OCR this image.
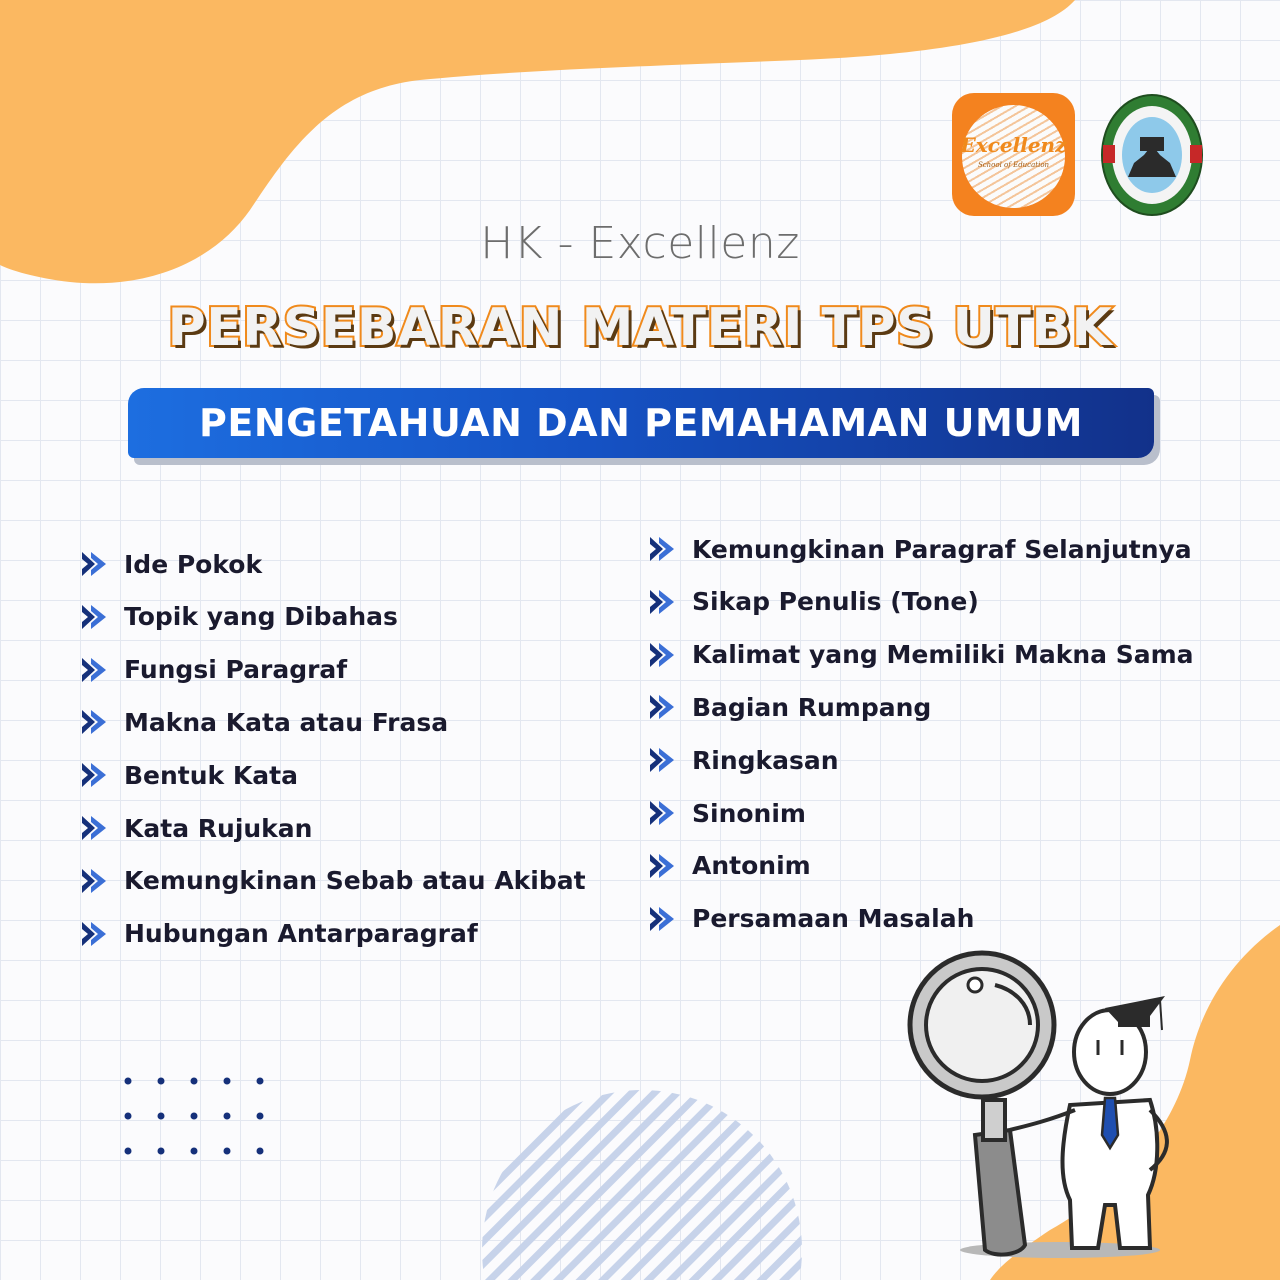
Excellenz
School of Education
HK - Excellenz
PERSEBARAN MATERI TPS UTBK
PENGETAHUAN DAN PEMAHAMAN UMUM
Ide Pokok
Topik yang Dibahas
Fungsi Paragraf
Makna Kata atau Frasa
Bentuk Kata
Kata Rujukan
Kemungkinan Sebab atau Akibat
Hubungan Antarparagraf
Kemungkinan Paragraf Selanjutnya
Sikap Penulis (Tone)
Kalimat yang Memiliki Makna Sama
Bagian Rumpang
Ringkasan
Sinonim
Antonim
Persamaan Masalah
